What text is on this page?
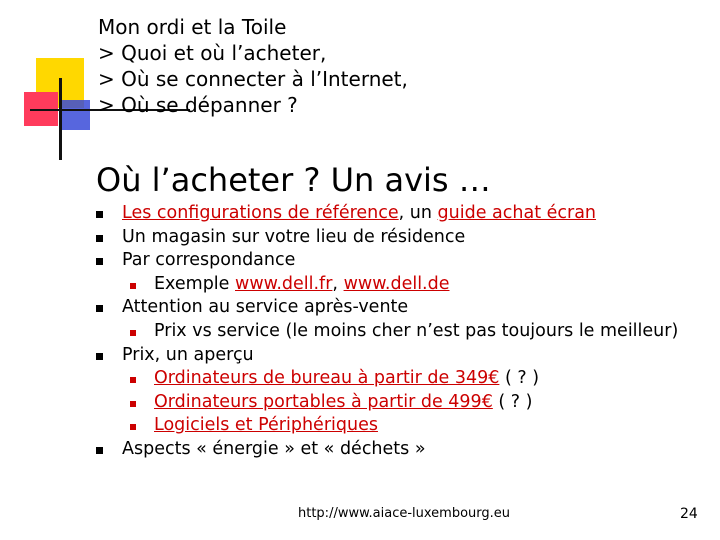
Mon ordi et la Toile
> Quoi et où l’acheter,
> Où se connecter à l’Internet,
> Où se dépanner ?
Où l’acheter ? Un avis …
Les configurations de référence, un guide achat écran
Un magasin sur votre lieu de résidence
Par correspondance
Exemple www.dell.fr, www.dell.de
Attention au service après-vente
Prix vs service (le moins cher n’est pas toujours le meilleur)
Prix, un aperçu
Ordinateurs de bureau à partir de 349€ ( ? )
Ordinateurs portables à partir de 499€ ( ? )
Logiciels et Périphériques
Aspects « énergie » et « déchets »
http://www.aiace-luxembourg.eu	24
